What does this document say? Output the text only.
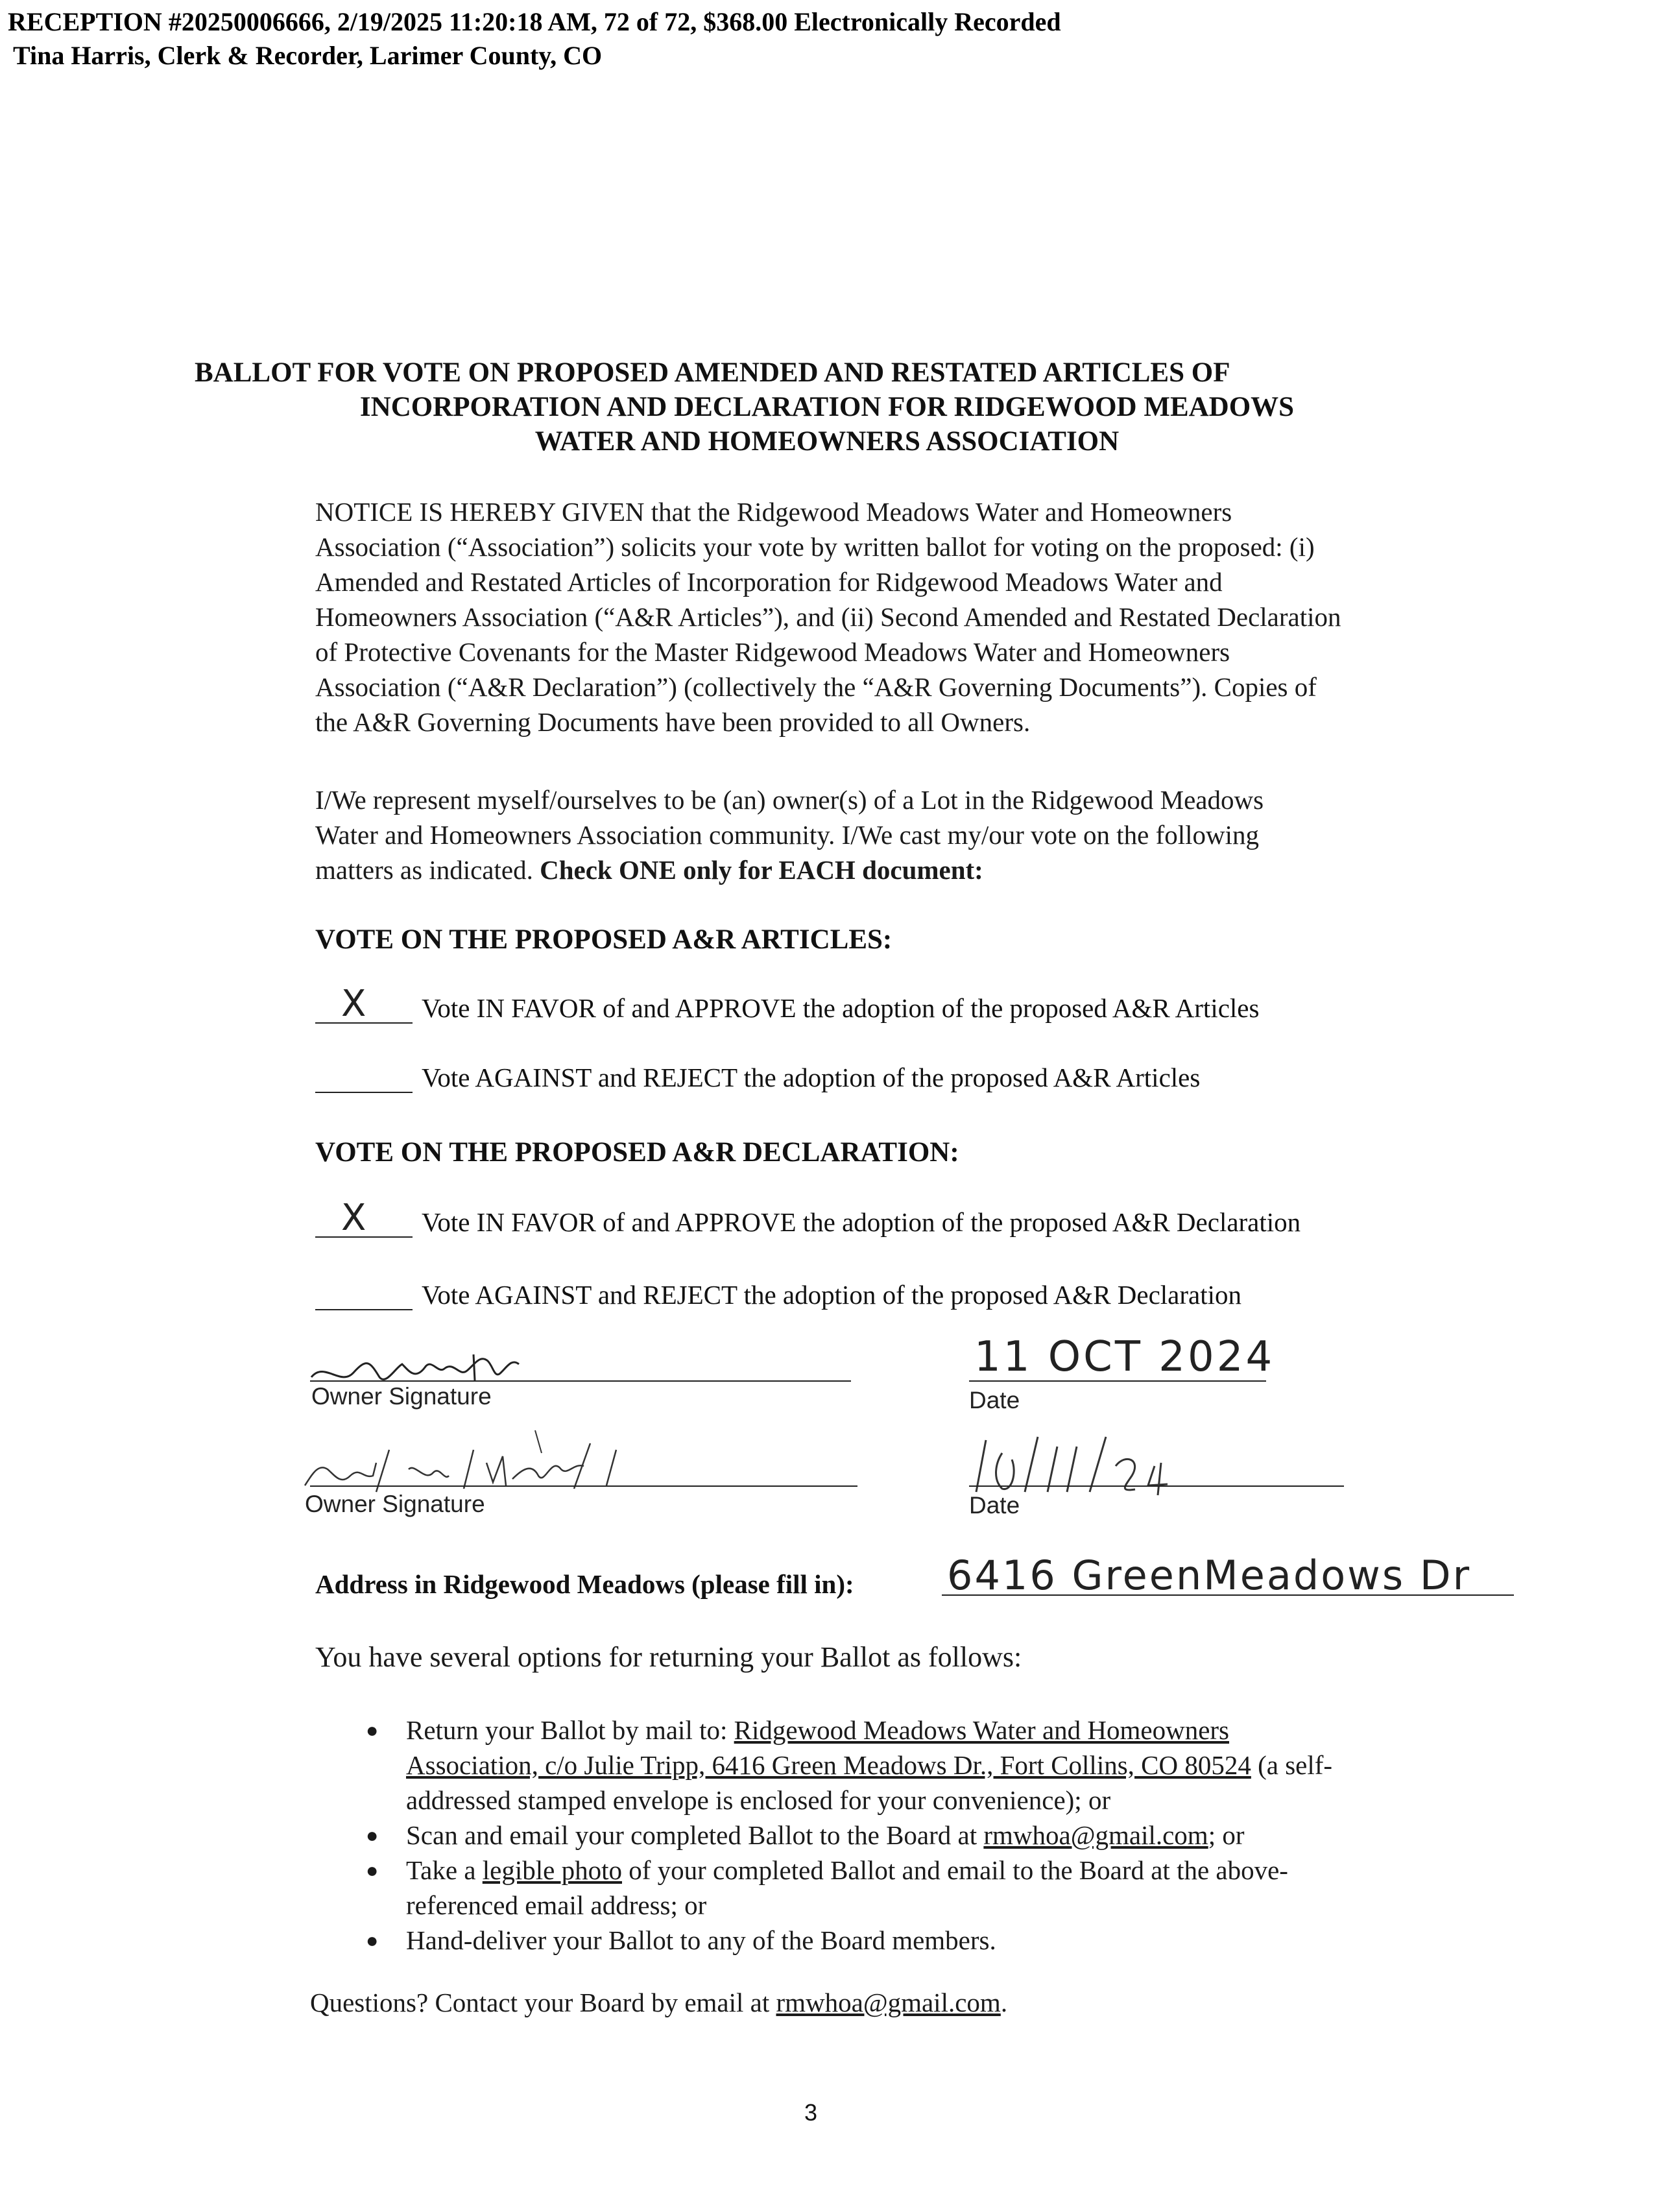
RECEPTION #20250006666, 2/19/2025 11:20:18 AM, 72 of 72, $368.00 Electronically Recorded
Tina Harris, Clerk & Recorder, Larimer County, CO
BALLOT FOR VOTE ON PROPOSED AMENDED AND RESTATED ARTICLES OF
INCORPORATION AND DECLARATION FOR RIDGEWOOD MEADOWS
WATER AND HOMEOWNERS ASSOCIATION
NOTICE IS HEREBY GIVEN that the Ridgewood Meadows Water and Homeowners
Association (“Association”) solicits your vote by written ballot for voting on the proposed: (i)
Amended and Restated Articles of Incorporation for Ridgewood Meadows Water and
Homeowners Association (“A&R Articles”), and (ii) Second Amended and Restated Declaration
of Protective Covenants for the Master Ridgewood Meadows Water and Homeowners
Association (“A&R Declaration”) (collectively the “A&R Governing Documents”). Copies of
the A&R Governing Documents have been provided to all Owners.
I/We represent myself/ourselves to be (an) owner(s) of a Lot in the Ridgewood Meadows
Water and Homeowners Association community. I/We cast my/our vote on the following
matters as indicated. Check ONE only for EACH document:
VOTE ON THE PROPOSED A&R ARTICLES:
X Vote IN FAVOR of and APPROVE the adoption of the proposed A&R Articles
Vote AGAINST and REJECT the adoption of the proposed A&R Articles
VOTE ON THE PROPOSED A&R DECLARATION:
X Vote IN FAVOR of and APPROVE the adoption of the proposed A&R Declaration
Vote AGAINST and REJECT the adoption of the proposed A&R Declaration
Owner Signature
11 OCT 2024
Date
Owner Signature	Date
Address in Ridgewood Meadows (please fill in): 6416 GreenMeadows Dr
You have several options for returning your Ballot as follows:
● Return your Ballot by mail to: Ridgewood Meadows Water and Homeowners
Association, c/o Julie Tripp, 6416 Green Meadows Dr., Fort Collins, CO 80524 (a self-
addressed stamped envelope is enclosed for your convenience); or
● Scan and email your completed Ballot to the Board at rmwhoa@gmail.com; or
● Take a legible photo of your completed Ballot and email to the Board at the above-
referenced email address; or
● Hand-deliver your Ballot to any of the Board members.
Questions? Contact your Board by email at rmwhoa@gmail.com.
3
